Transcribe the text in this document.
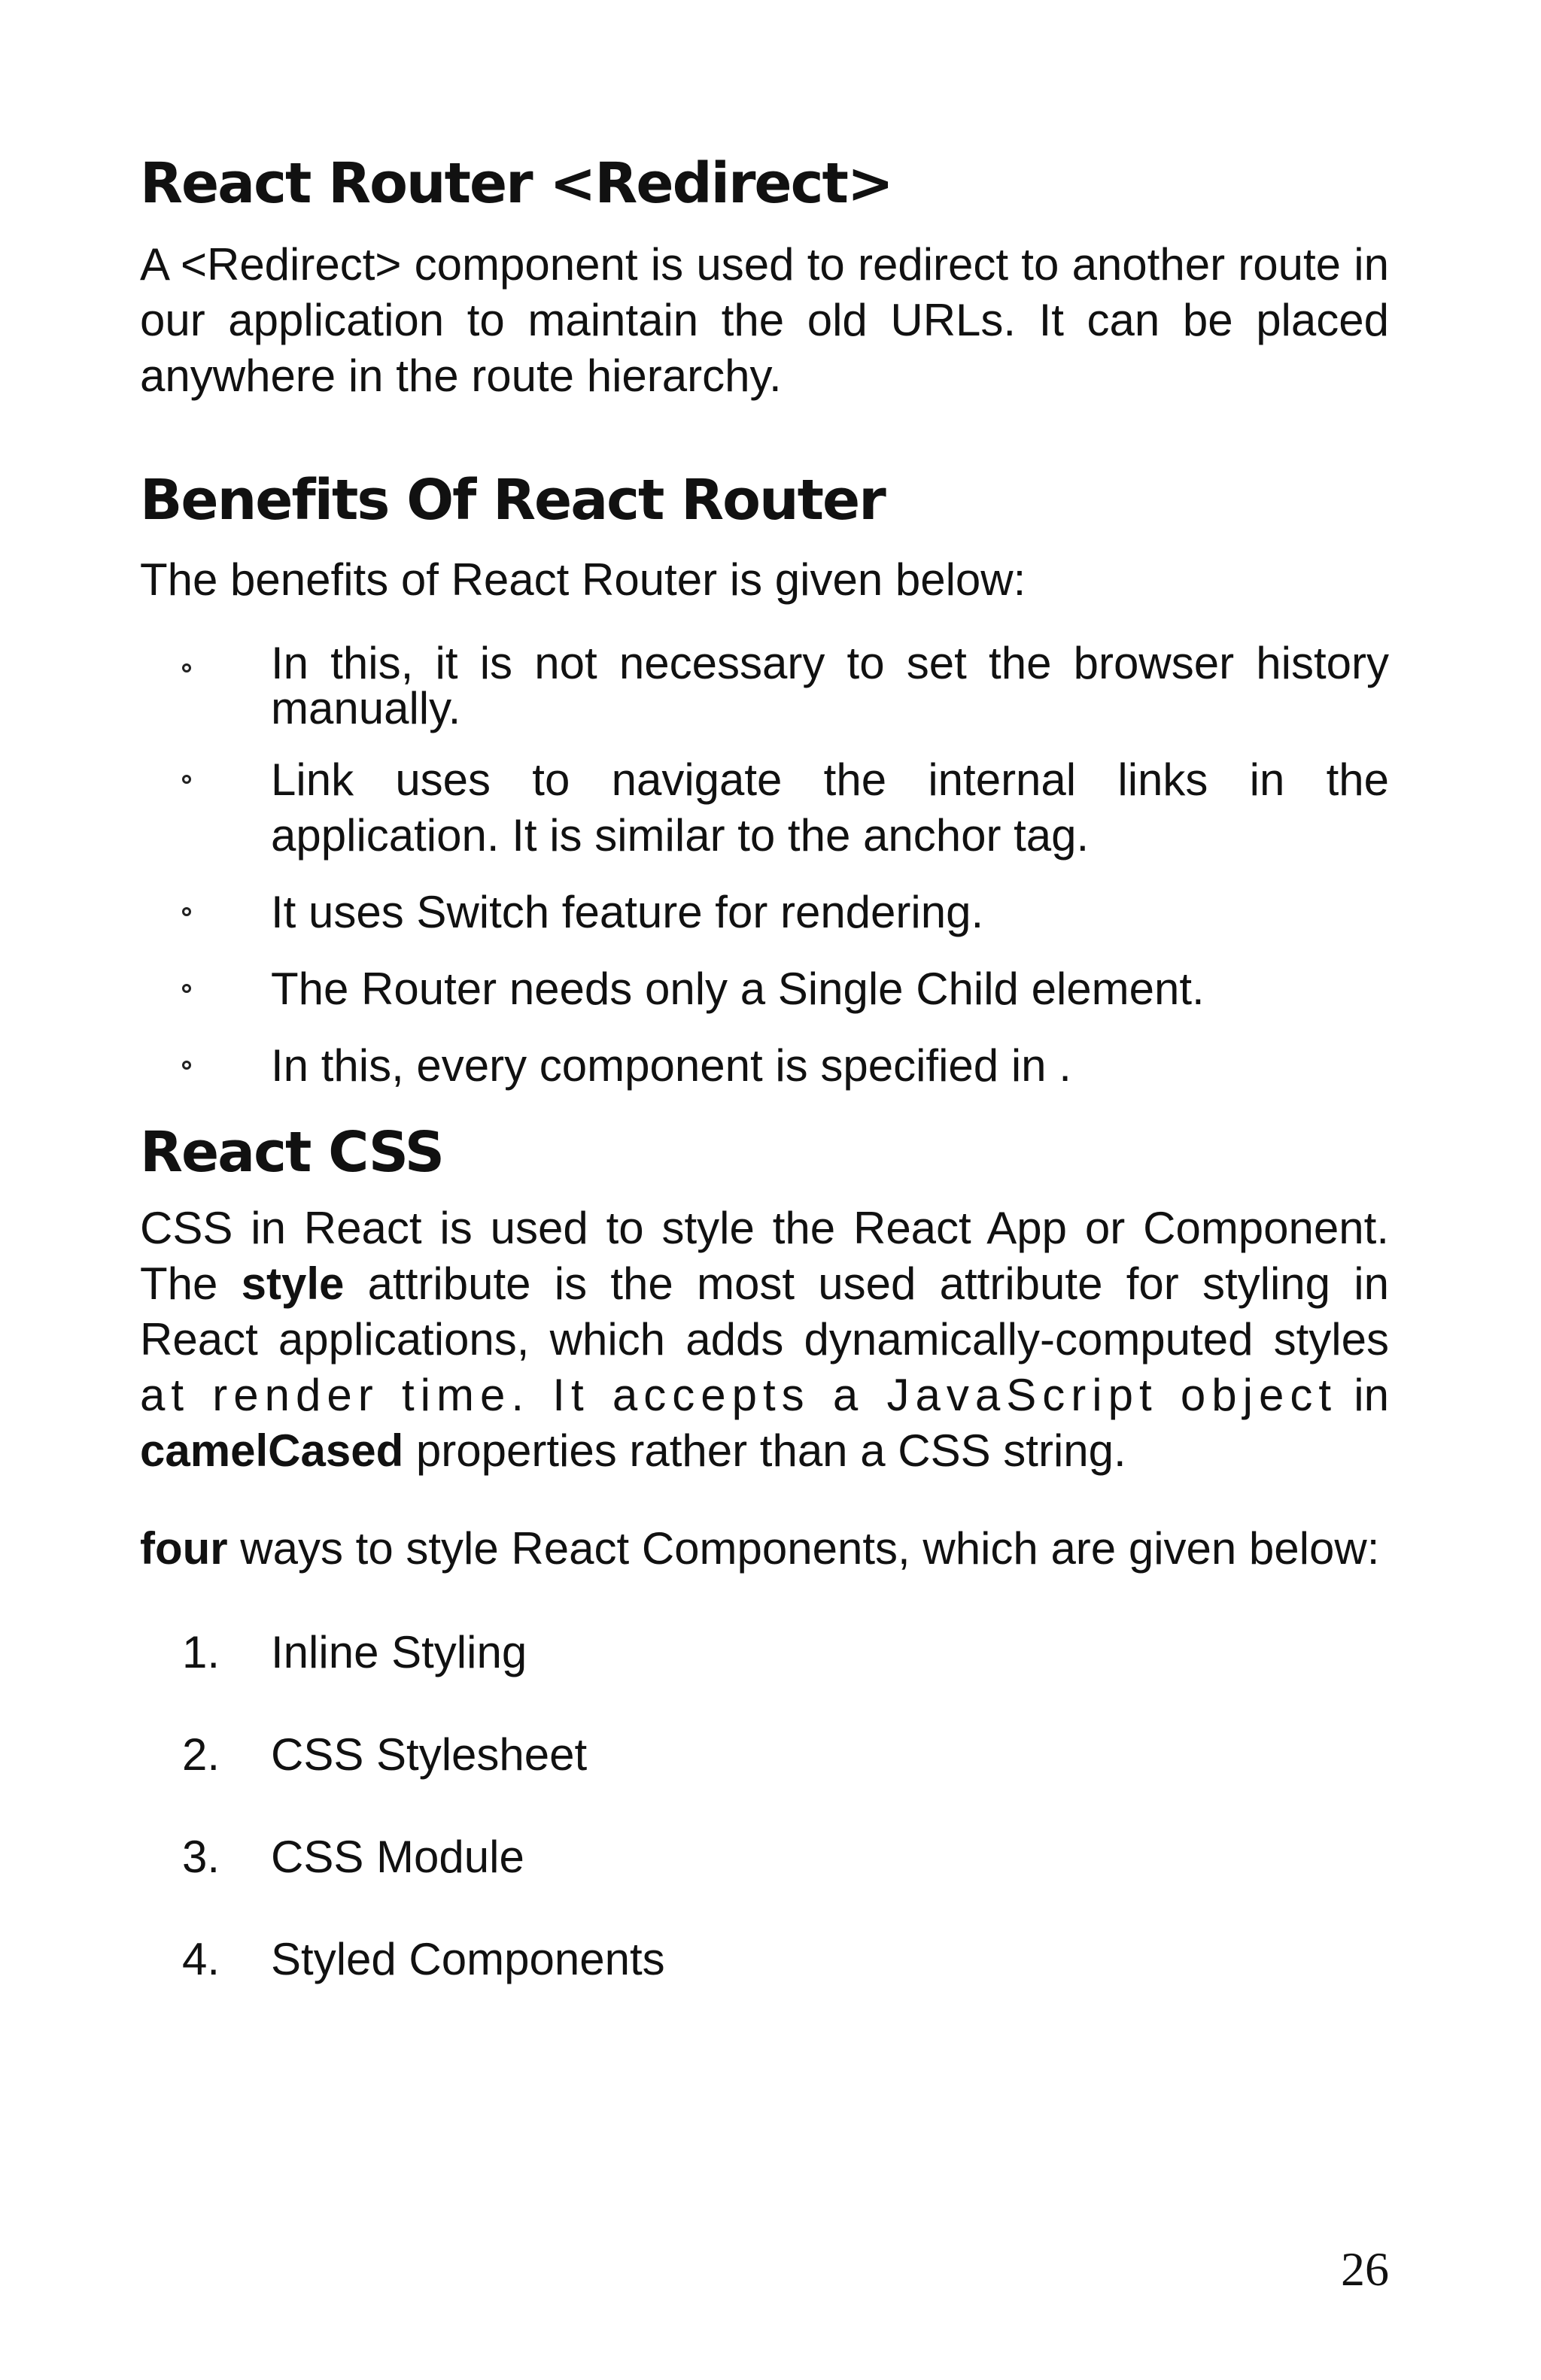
React Router <Redirect>

A <Redirect> component is used to redirect to another route in our application to maintain the old URLs. It can be placed anywhere in the route hierarchy.

Benefits Of React Router

The benefits of React Router is given below:

In this, it is not necessary to set the browser history manually.
Link uses to navigate the internal links in the application. It is similar to the anchor tag.
It uses Switch feature for rendering.
The Router needs only a Single Child element.
In this, every component is specified in .
React CSS

CSS in React is used to style the React App or Component. The style attribute is the most used attribute for styling in React applications, which adds dynamically-computed styles at render time. It accepts a JavaScript object in camelCased properties rather than a CSS string.

four ways to style React Components, which are given below:

1. Inline Styling
2. CSS Stylesheet
3. CSS Module
4. Styled Components
26
